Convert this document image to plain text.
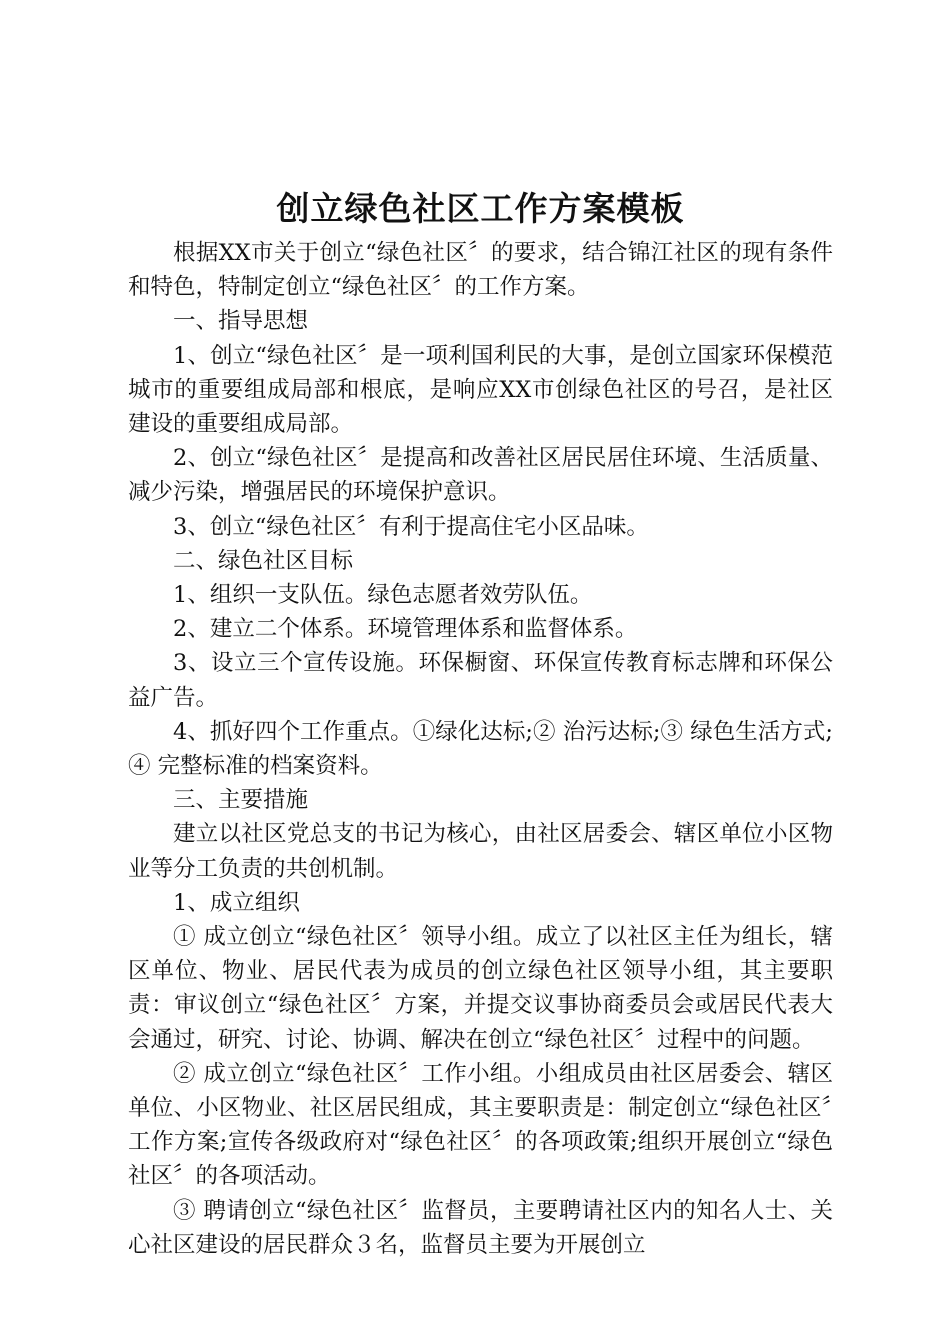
创立绿色社区工作方案模板

根据XX市关于创立“绿色社区〞的要求，结合锦江社区的现有条件和特色，特制定创立“绿色社区〞的工作方案。

一、指导思想

1、创立“绿色社区〞是一项利国利民的大事，是创立国家环保模范城市的重要组成局部和根底，是响应XX市创绿色社区的号召，是社区建设的重要组成局部。

2、创立“绿色社区〞是提高和改善社区居民居住环境、生活质量、减少污染，增强居民的环境保护意识。

3、创立“绿色社区〞有利于提高住宅小区品味。

二、绿色社区目标

1、组织一支队伍。绿色志愿者效劳队伍。

2、建立二个体系。环境管理体系和监督体系。

3、设立三个宣传设施。环保橱窗、环保宣传教育标志牌和环保公益广告。

4、抓好四个工作重点。①绿化达标;② 治污达标;③ 绿色生活方式;④ 完整标准的档案资料。

三、主要措施

建立以社区党总支的书记为核心，由社区居委会、辖区单位小区物业等分工负责的共创机制。

1、成立组织

① 成立创立“绿色社区〞领导小组。成立了以社区主任为组长，辖区单位、物业、居民代表为成员的创立绿色社区领导小组，其主要职责：审议创立“绿色社区〞方案，并提交议事协商委员会或居民代表大会通过，研究、讨论、协调、解决在创立“绿色社区〞过程中的问题。

② 成立创立“绿色社区〞工作小组。小组成员由社区居委会、辖区单位、小区物业、社区居民组成，其主要职责是：制定创立“绿色社区〞工作方案;宣传各级政府对“绿色社区〞的各项政策;组织开展创立“绿色社区〞的各项活动。

③ 聘请创立“绿色社区〞监督员，主要聘请社区内的知名人士、关心社区建设的居民群众３名，监督员主要为开展创立
